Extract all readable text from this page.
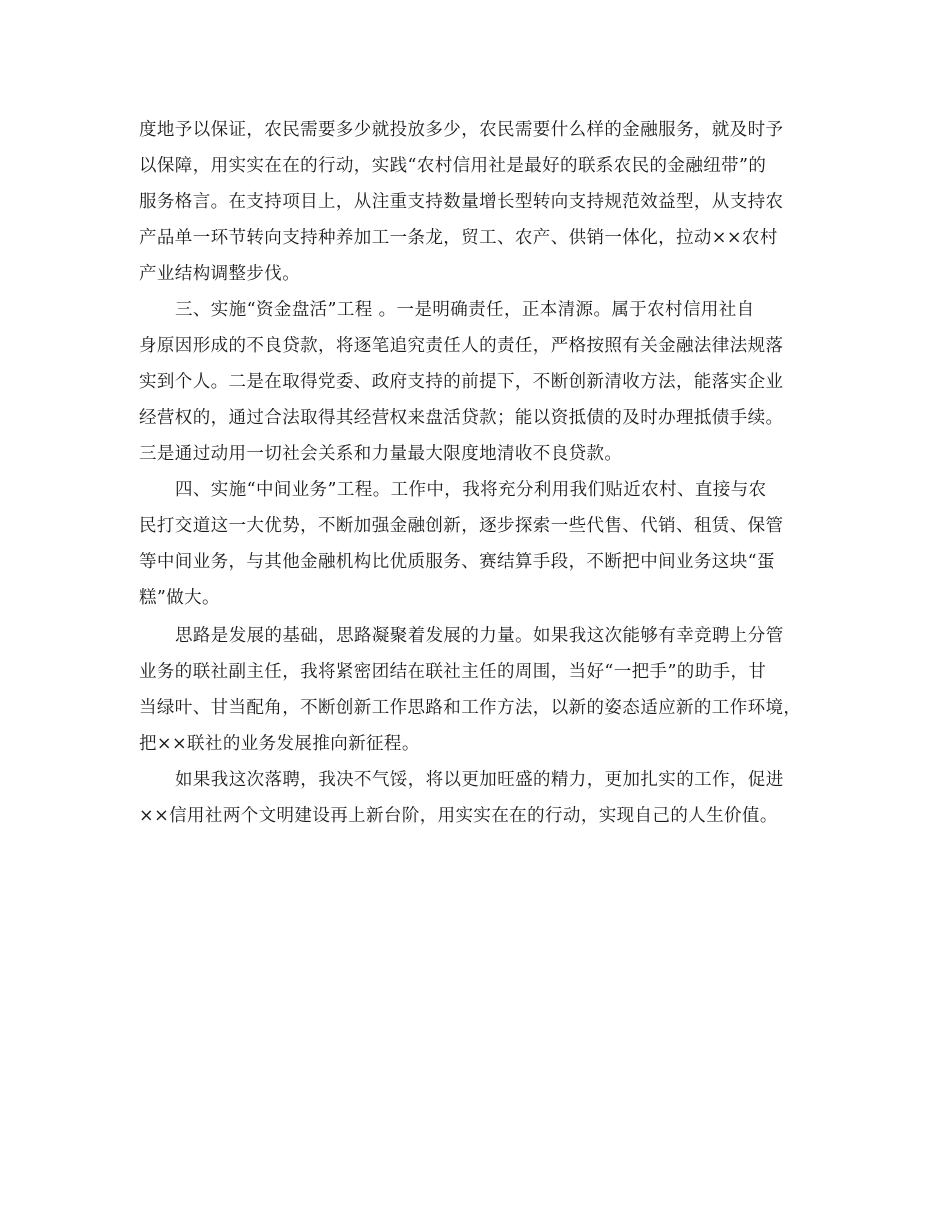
度地予以保证，农民需要多少就投放多少，农民需要什么样的金融服务，就及时予
以保障，用实实在在的行动，实践“农村信用社是最好的联系农民的金融纽带”的
服务格言。在支持项目上，从注重支持数量增长型转向支持规范效益型，从支持农
产品单一环节转向支持种养加工一条龙，贸工、农产、供销一体化，拉动××农村
产业结构调整步伐。
三、实施“资金盘活”工程 。一是明确责任，正本清源。属于农村信用社自
身原因形成的不良贷款，将逐笔追究责任人的责任，严格按照有关金融法律法规落
实到个人。二是在取得党委、政府支持的前提下，不断创新清收方法，能落实企业
经营权的，通过合法取得其经营权来盘活贷款；能以资抵债的及时办理抵债手续。
三是通过动用一切社会关系和力量最大限度地清收不良贷款。
四、实施“中间业务”工程。工作中，我将充分利用我们贴近农村、直接与农
民打交道这一大优势，不断加强金融创新，逐步探索一些代售、代销、租赁、保管
等中间业务，与其他金融机构比优质服务、赛结算手段，不断把中间业务这块“蛋
糕”做大。
思路是发展的基础，思路凝聚着发展的力量。如果我这次能够有幸竞聘上分管
业务的联社副主任，我将紧密团结在联社主任的周围，当好“一把手”的助手，甘
当绿叶、甘当配角，不断创新工作思路和工作方法，以新的姿态适应新的工作环境，
把××联社的业务发展推向新征程。
如果我这次落聘，我决不气馁，将以更加旺盛的精力，更加扎实的工作，促进
××信用社两个文明建设再上新台阶，用实实在在的行动，实现自己的人生价值。
